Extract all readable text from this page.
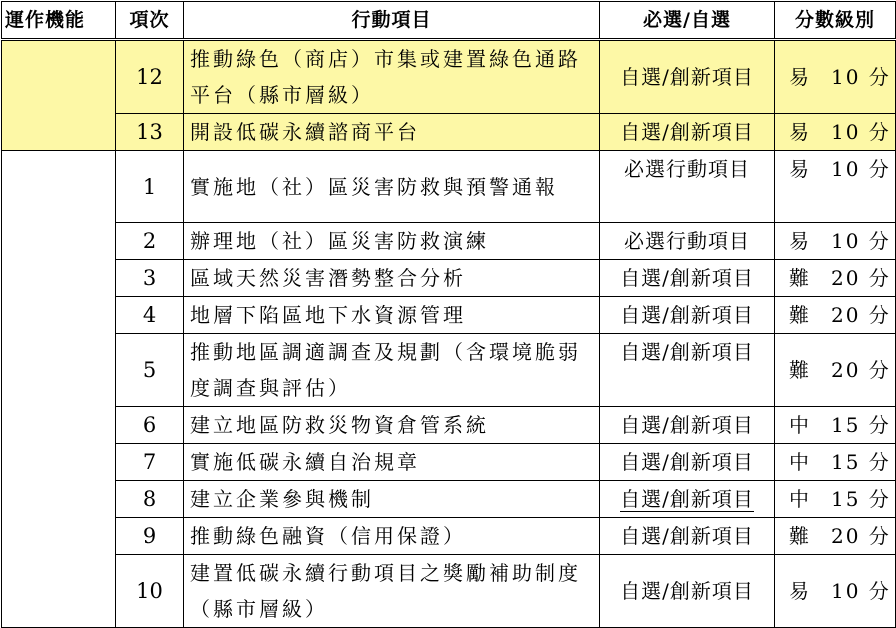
運作機能	項次	行動項目	必選/自選	分數級別
	12	推動綠色（商店）市集或建置綠色通路平台（縣市層級）	自選/創新項目	易 10 分
	13	開設低碳永續諮商平台	自選/創新項目	易 10 分
	1	實施地（社）區災害防救與預警通報	必選行動項目	易 10 分
	2	辦理地（社）區災害防救演練	必選行動項目	易 10 分
	3	區域天然災害潛勢整合分析	自選/創新項目	難 20 分
	4	地層下陷區地下水資源管理	自選/創新項目	難 20 分
	5	推動地區調適調查及規劃（含環境脆弱度調查與評估）	自選/創新項目	難 20 分
	6	建立地區防救災物資倉管系統	自選/創新項目	中 15 分
	7	實施低碳永續自治規章	自選/創新項目	中 15 分
	8	建立企業參與機制	自選/創新項目	中 15 分
	9	推動綠色融資（信用保證）	自選/創新項目	難 20 分
	10	建置低碳永續行動項目之獎勵補助制度（縣市層級）	自選/創新項目	易 10 分
